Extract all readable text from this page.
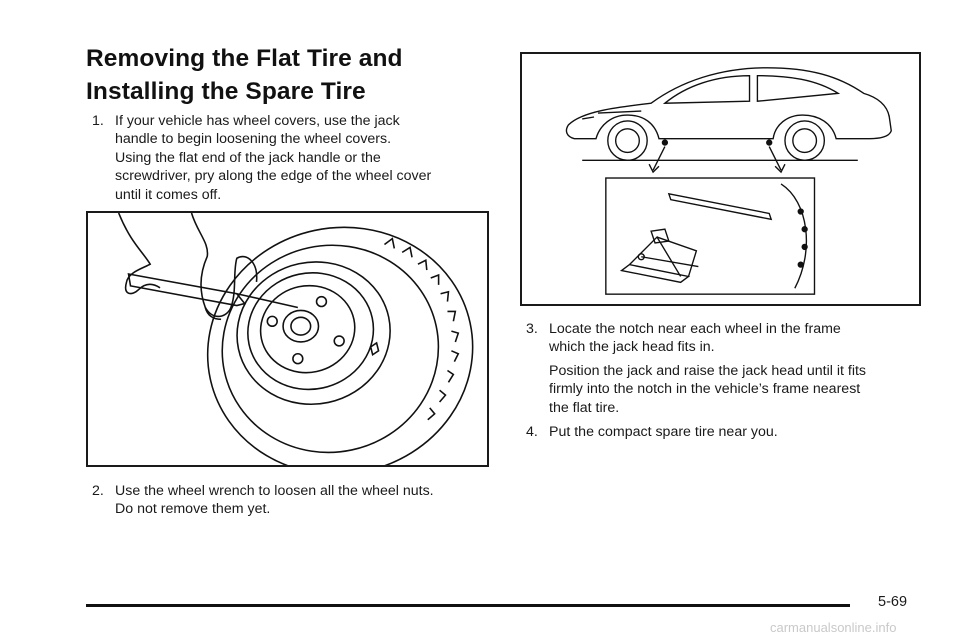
Removing the Flat Tire and
Installing the Spare Tire
1. If your vehicle has wheel covers, use the jack
handle to begin loosening the wheel covers.
Using the flat end of the jack handle or the
screwdriver, pry along the edge of the wheel cover
until it comes off.
2. Use the wheel wrench to loosen all the wheel nuts.
Do not remove them yet.
3. Locate the notch near each wheel in the frame
which the jack head fits in.
Position the jack and raise the jack head until it fits
firmly into the notch in the vehicle’s frame nearest
the flat tire.
4. Put the compact spare tire near you.
5-69
carmanualsonline.info
